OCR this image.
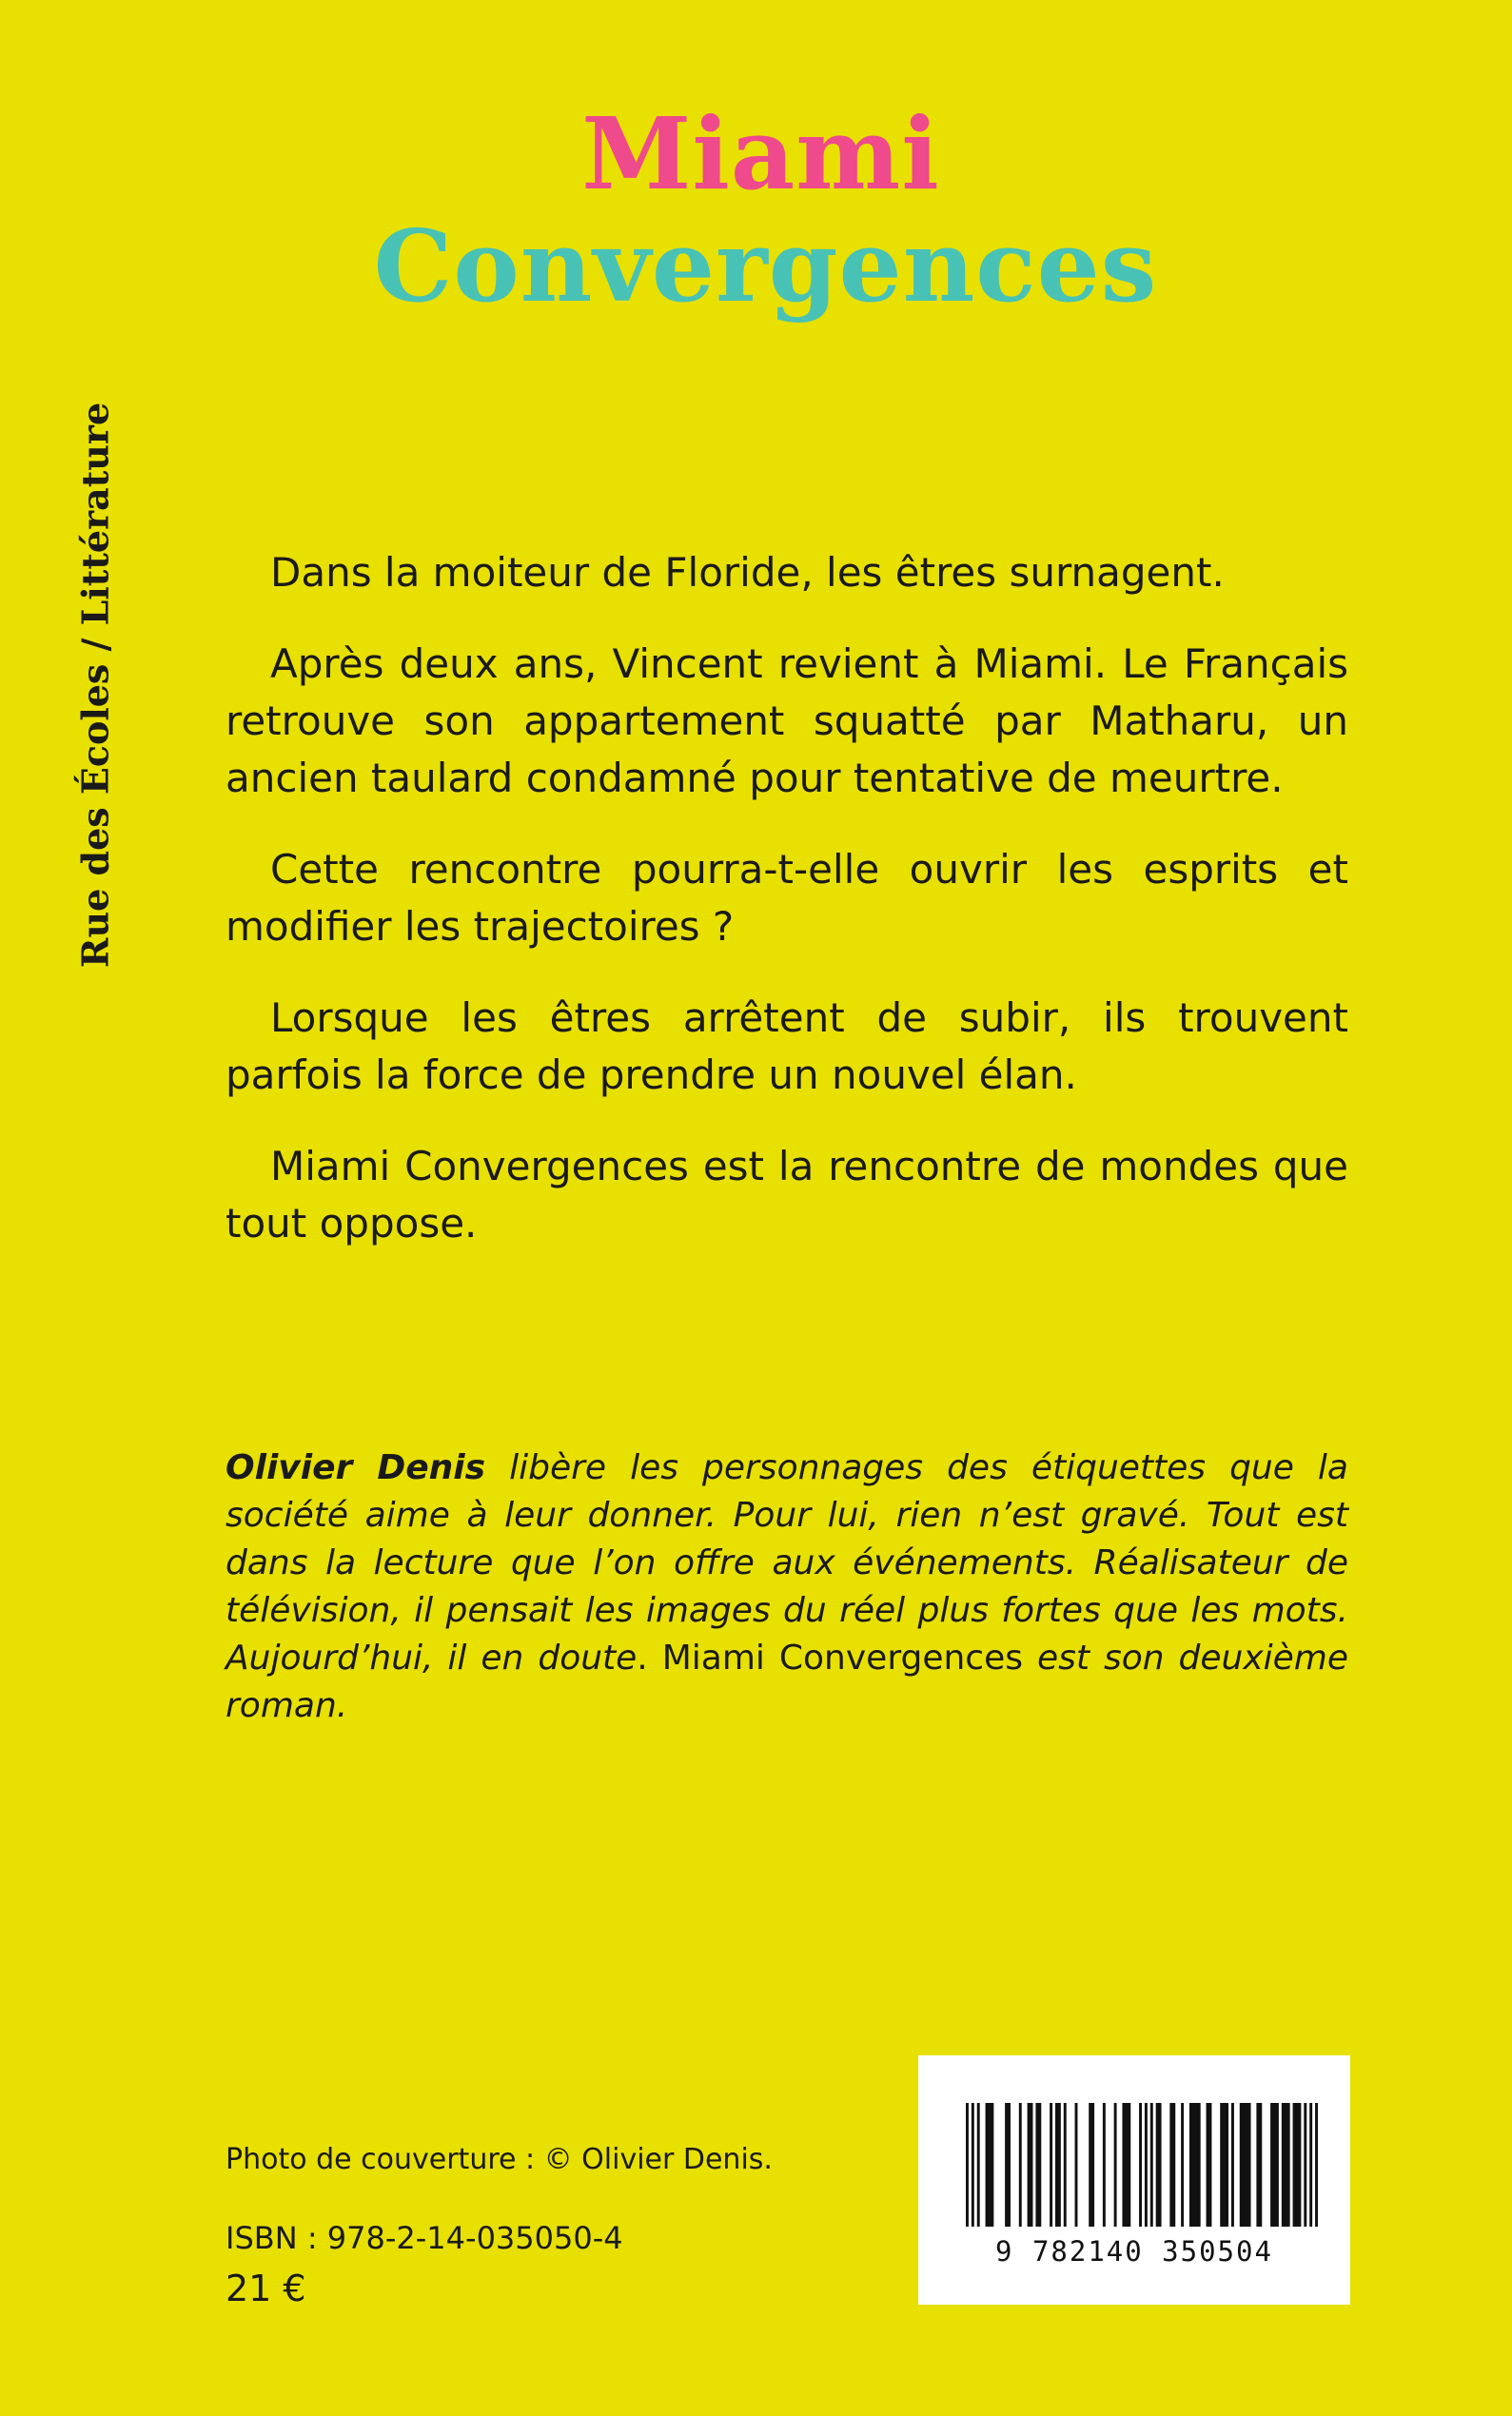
Rue des Écoles / Littérature
Miami
Convergences

Dans la moiteur de Floride, les êtres surnagent.

Après deux ans, Vincent revient à Miami. Le Français retrouve son appartement squatté par Matharu, un ancien taulard condamné pour tentative de meurtre.

Cette rencontre pourra-t-elle ouvrir les esprits et modifier les trajectoires ?

Lorsque les êtres arrêtent de subir, ils trouvent parfois la force de prendre un nouvel élan.

Miami Convergences est la rencontre de mondes que tout oppose.

Olivier Denis libère les personnages des étiquettes que la société aime à leur donner. Pour lui, rien n’est gravé. Tout est dans la lecture que l’on offre aux événements. Réalisateur de télévision, il pensait les images du réel plus fortes que les mots. Aujourd’hui, il en doute. Miami Convergences est son deuxième roman.
Photo de couverture : © Olivier Denis.
ISBN : 978-2-14-035050-4
21 €
9 782140 350504
